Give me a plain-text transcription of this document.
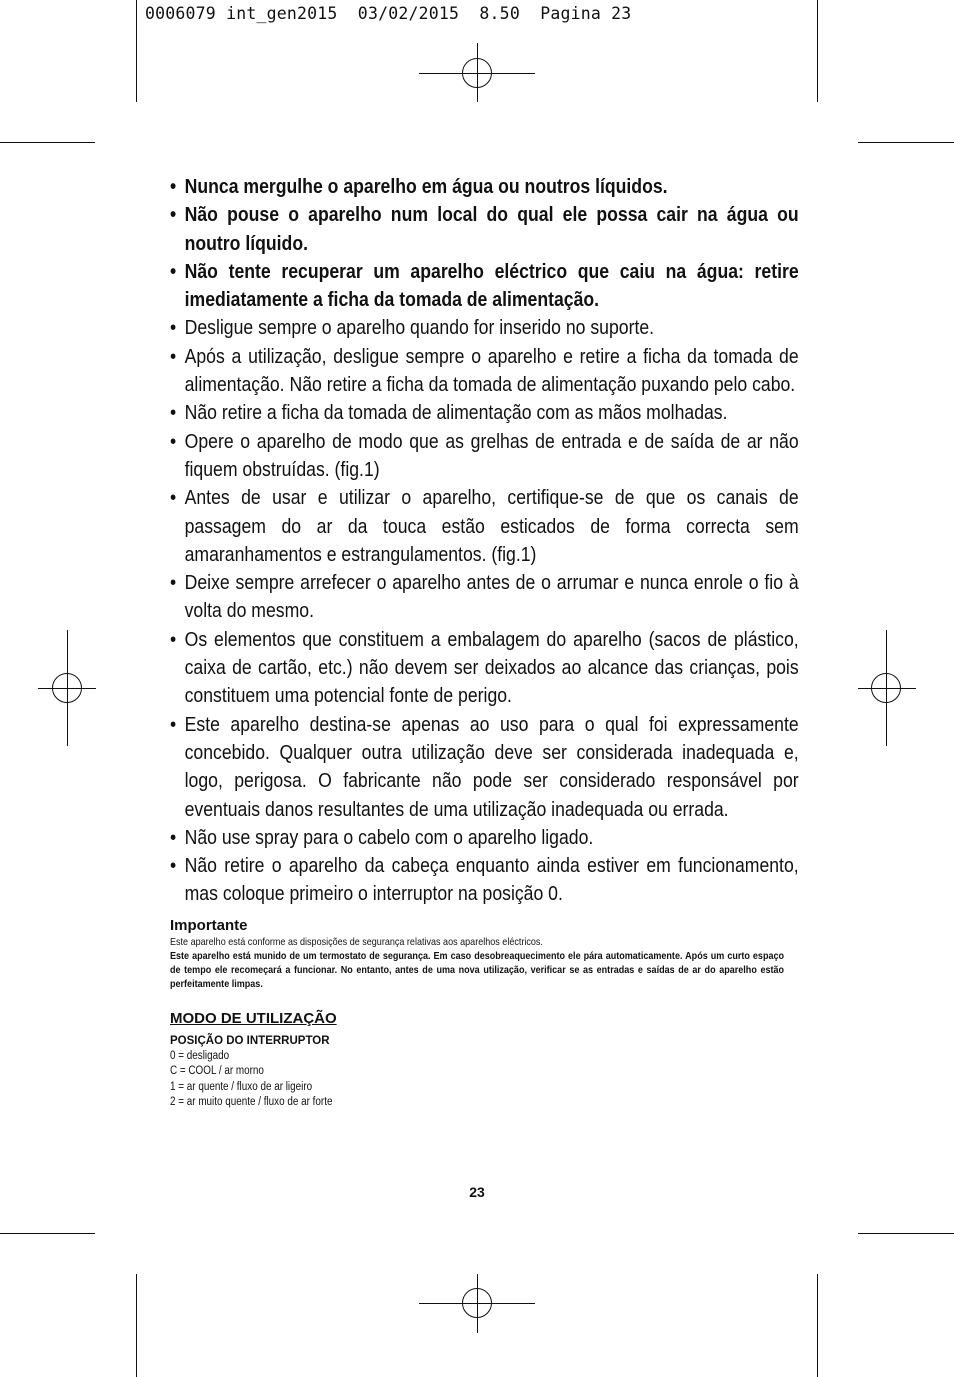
0006079 int_gen2015  03/02/2015  8.50  Pagina 23
• Nunca mergulhe o aparelho em água ou noutros líquidos.
• Não pouse o aparelho num local do qual ele possa cair na água ou noutro líquido.
• Não tente recuperar um aparelho eléctrico que caiu na água: retire imediatamente a ficha da tomada de alimentação.
• Desligue sempre o aparelho quando for inserido no suporte.
• Após a utilização, desligue sempre o aparelho e retire a ficha da tomada de alimentação. Não retire a ficha da tomada de alimentação puxando pelo cabo.
• Não retire a ficha da tomada de alimentação com as mãos molhadas.
• Opere o aparelho de modo que as grelhas de entrada e de saída de ar não fiquem obstruídas. (fig.1)
• Antes de usar e utilizar o aparelho, certifique-se de que os canais de passagem do ar da touca estão esticados de forma correcta sem amaranhamentos e estrangulamentos. (fig.1)
• Deixe sempre arrefecer o aparelho antes de o arrumar e nunca enrole o fio à volta do mesmo.
• Os elementos que constituem a embalagem do aparelho (sacos de plástico, caixa de cartão, etc.) não devem ser deixados ao alcance das crianças, pois constituem uma potencial fonte de perigo.
• Este aparelho destina-se apenas ao uso para o qual foi expressamente concebido. Qualquer outra utilização deve ser considerada inadequada e, logo, perigosa. O fabricante não pode ser considerado responsável por eventuais danos resultantes de uma utilização inadequada ou errada.
• Não use spray para o cabelo com o aparelho ligado.
• Não retire o aparelho da cabeça enquanto ainda estiver em funcionamento, mas coloque primeiro o interruptor na posição 0.
Importante
Este aparelho está conforme as disposições de segurança relativas aos aparelhos eléctricos.
Este aparelho está munido de um termostato de segurança. Em caso desobreaquecimento ele pára automaticamente. Após um curto espaço de tempo ele recomeçará a funcionar. No entanto, antes de uma nova utilização, verificar se as entradas e saídas de ar do aparelho estão perfeitamente limpas.
MODO DE UTILIZAÇÃO
POSIÇÃO DO INTERRUPTOR
0 = desligado
C = COOL / ar morno
1 = ar quente / fluxo de ar ligeiro
2 = ar muito quente / fluxo de ar forte
23
